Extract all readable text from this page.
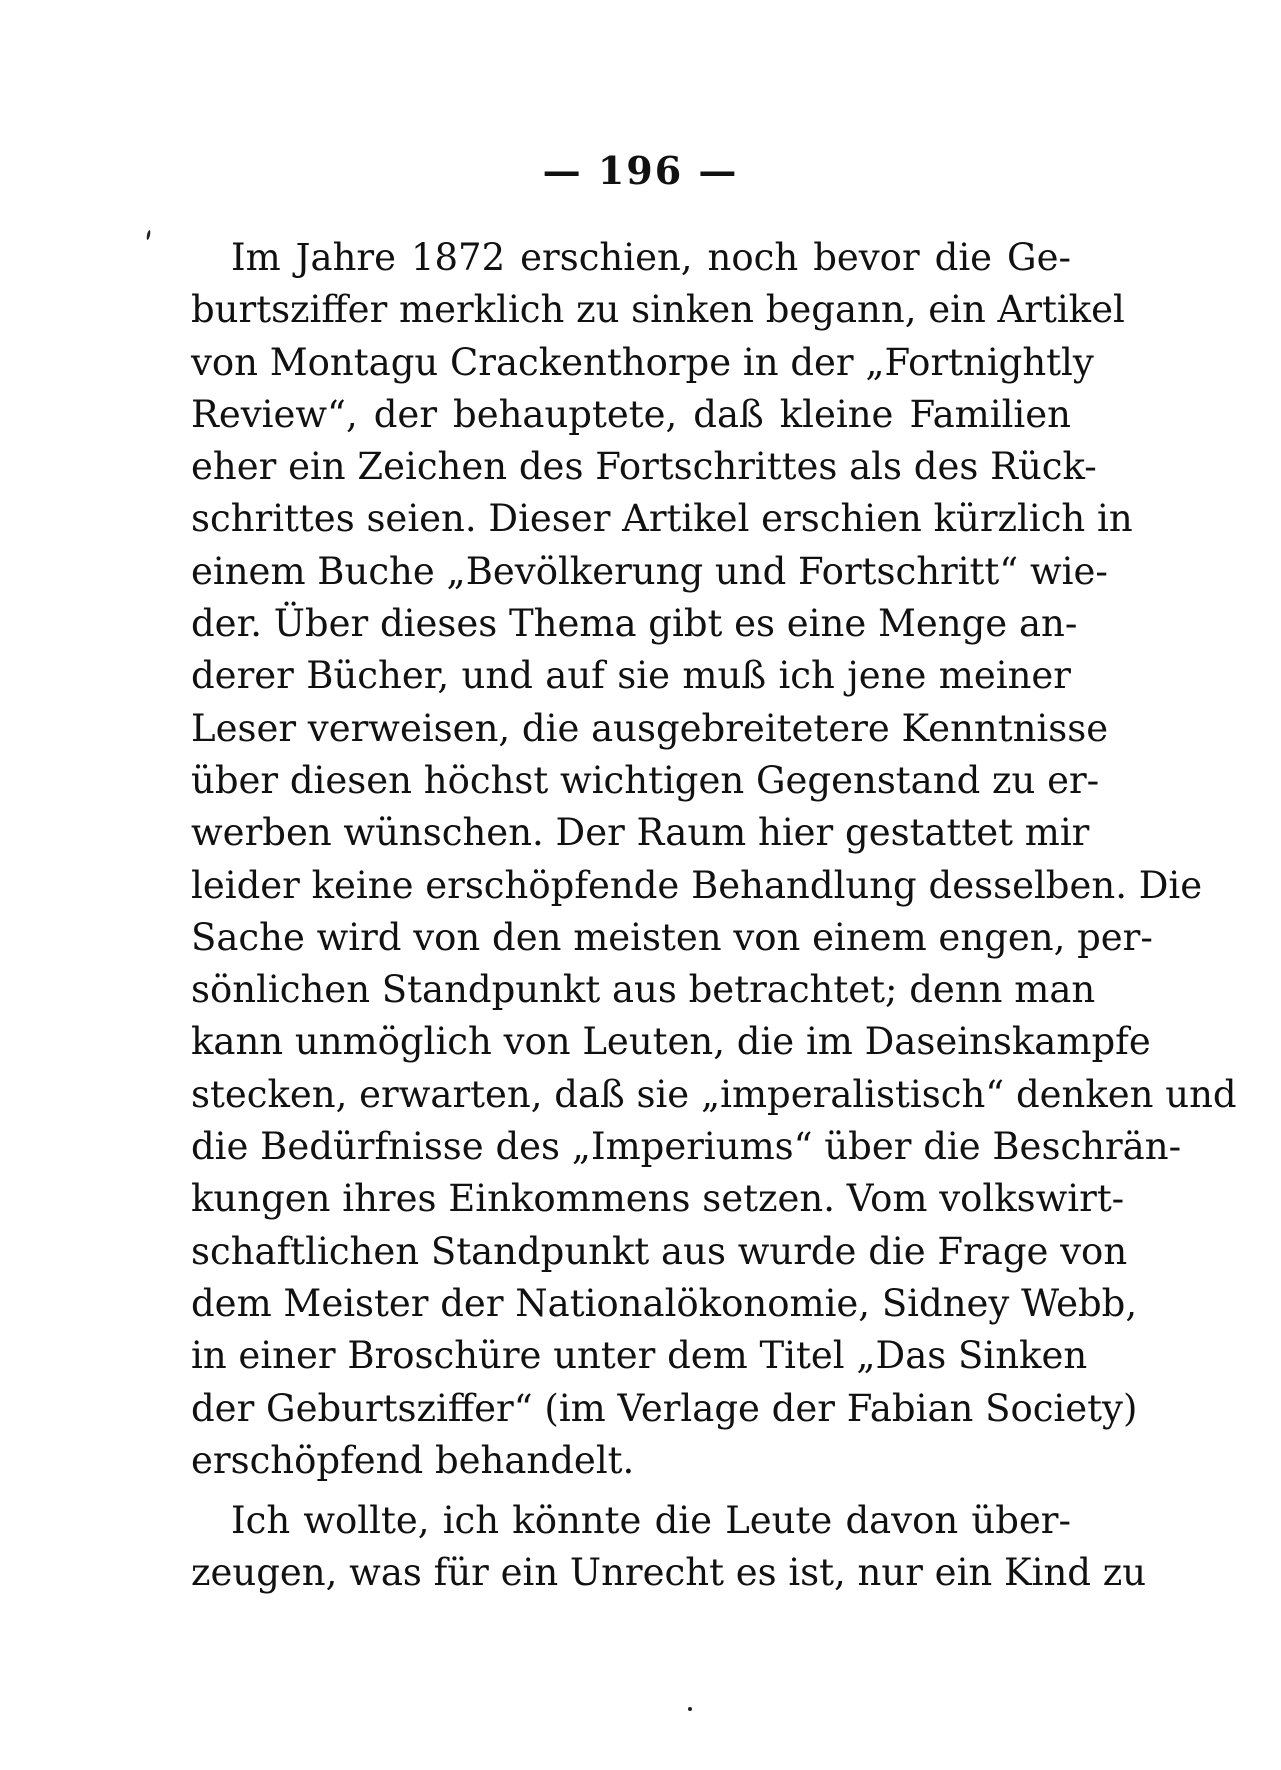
— 196 —
Im Jahre 1872 erschien, noch bevor die Ge-
burtsziffer merklich zu sinken begann, ein Artikel
von Montagu Crackenthorpe in der „Fortnightly
Review“, der behauptete, daß kleine Familien
eher ein Zeichen des Fortschrittes als des Rück-
schrittes seien. Dieser Artikel erschien kürzlich in
einem Buche „Bevölkerung und Fortschritt“ wie-
der. Über dieses Thema gibt es eine Menge an-
derer Bücher, und auf sie muß ich jene meiner
Leser verweisen, die ausgebreitetere Kenntnisse
über diesen höchst wichtigen Gegenstand zu er-
werben wünschen. Der Raum hier gestattet mir
leider keine erschöpfende Behandlung desselben. Die
Sache wird von den meisten von einem engen, per-
sönlichen Standpunkt aus betrachtet; denn man
kann unmöglich von Leuten, die im Daseinskampfe
stecken, erwarten, daß sie „imperalistisch“ denken und
die Bedürfnisse des „Imperiums“ über die Beschrän-
kungen ihres Einkommens setzen. Vom volkswirt-
schaftlichen Standpunkt aus wurde die Frage von
dem Meister der Nationalökonomie, Sidney Webb,
in einer Broschüre unter dem Titel „Das Sinken
der Geburtsziffer“ (im Verlage der Fabian Society)
erschöpfend behandelt.
Ich wollte, ich könnte die Leute davon über-
zeugen, was für ein Unrecht es ist, nur ein Kind zu
